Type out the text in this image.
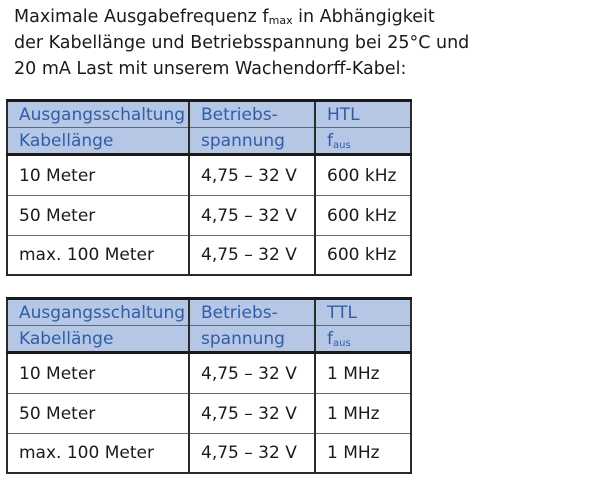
Maximale Ausgabefrequenz $f_{max}$ in Abhängigkeit
der Kabellänge und Betriebsspannung bei 25°C und
20 mA Last mit unserem Wachendorff-Kabel:
Ausgangsschaltung	Betriebs-	HTL
Kabellänge	spannung	$f_{aus}$
10 Meter	4,75 – 32 V	600 kHz
50 Meter	4,75 – 32 V	600 kHz
max. 100 Meter	4,75 – 32 V	600 kHz
Ausgangsschaltung	Betriebs-	TTL
Kabellänge	spannung	$f_{aus}$
10 Meter	4,75 – 32 V	1 MHz
50 Meter	4,75 – 32 V	1 MHz
max. 100 Meter	4,75 – 32 V	1 MHz
